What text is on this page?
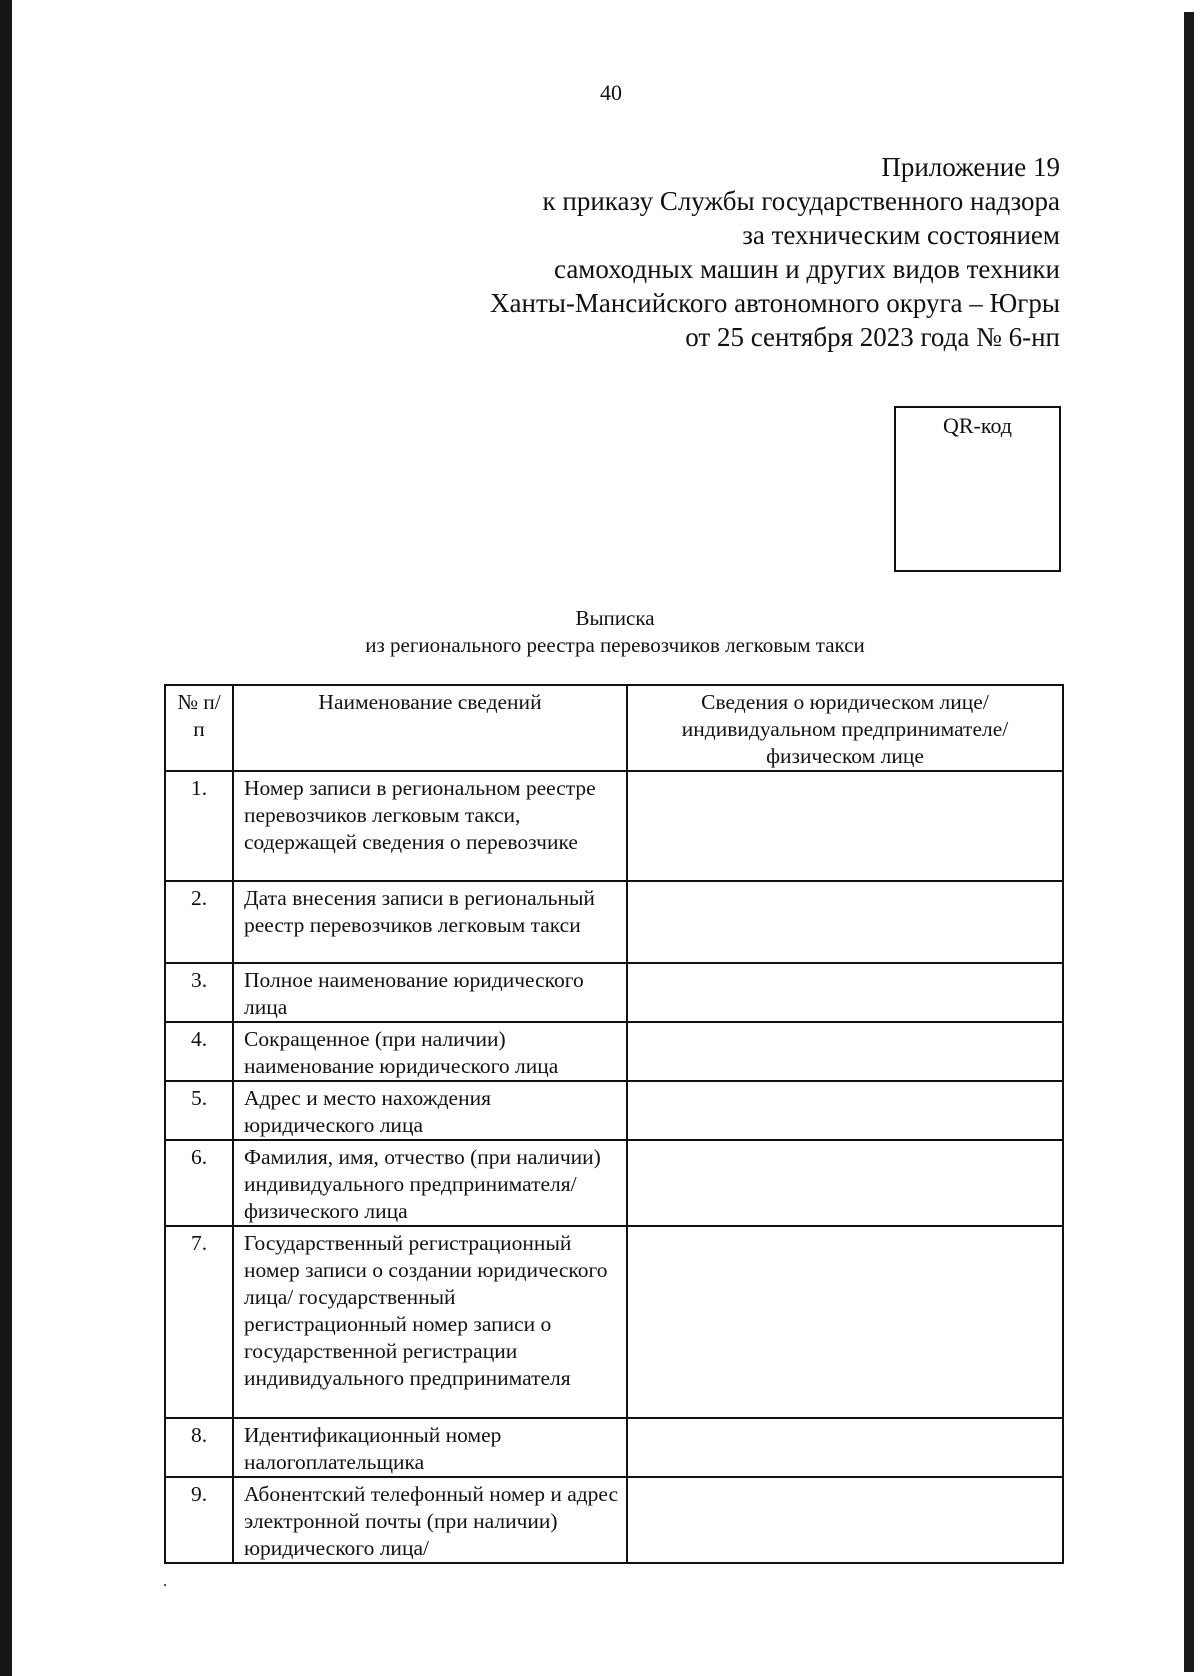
40
Приложение 19
к приказу Службы государственного надзора
за техническим состоянием
самоходных машин и других видов техники
Ханты-Мансийского автономного округа – Югры
от 25 сентября 2023 года № 6-нп
QR-код
Выписка
из регионального реестра перевозчиков легковым такси
№ п/п	Наименование сведений	Сведения о юридическом лице/ индивидуальном предпринимателе/ физическом лице
1.	Номер записи в региональном реестре перевозчиков легковым такси, содержащей сведения о перевозчике	
2.	Дата внесения записи в региональный реестр перевозчиков легковым такси	
3.	Полное наименование юридического лица	
4.	Сокращенное (при наличии) наименование юридического лица	
5.	Адрес и место нахождения юридического лица	
6.	Фамилия, имя, отчество (при наличии) индивидуального предпринимателя/физического лица	
7.	Государственный регистрационный номер записи о создании юридического лица/ государственный регистрационный номер записи о государственной регистрации индивидуального предпринимателя	
8.	Идентификационный номер налогоплательщика	
9.	Абонентский телефонный номер и адрес электронной почты (при наличии) юридического лица/	
